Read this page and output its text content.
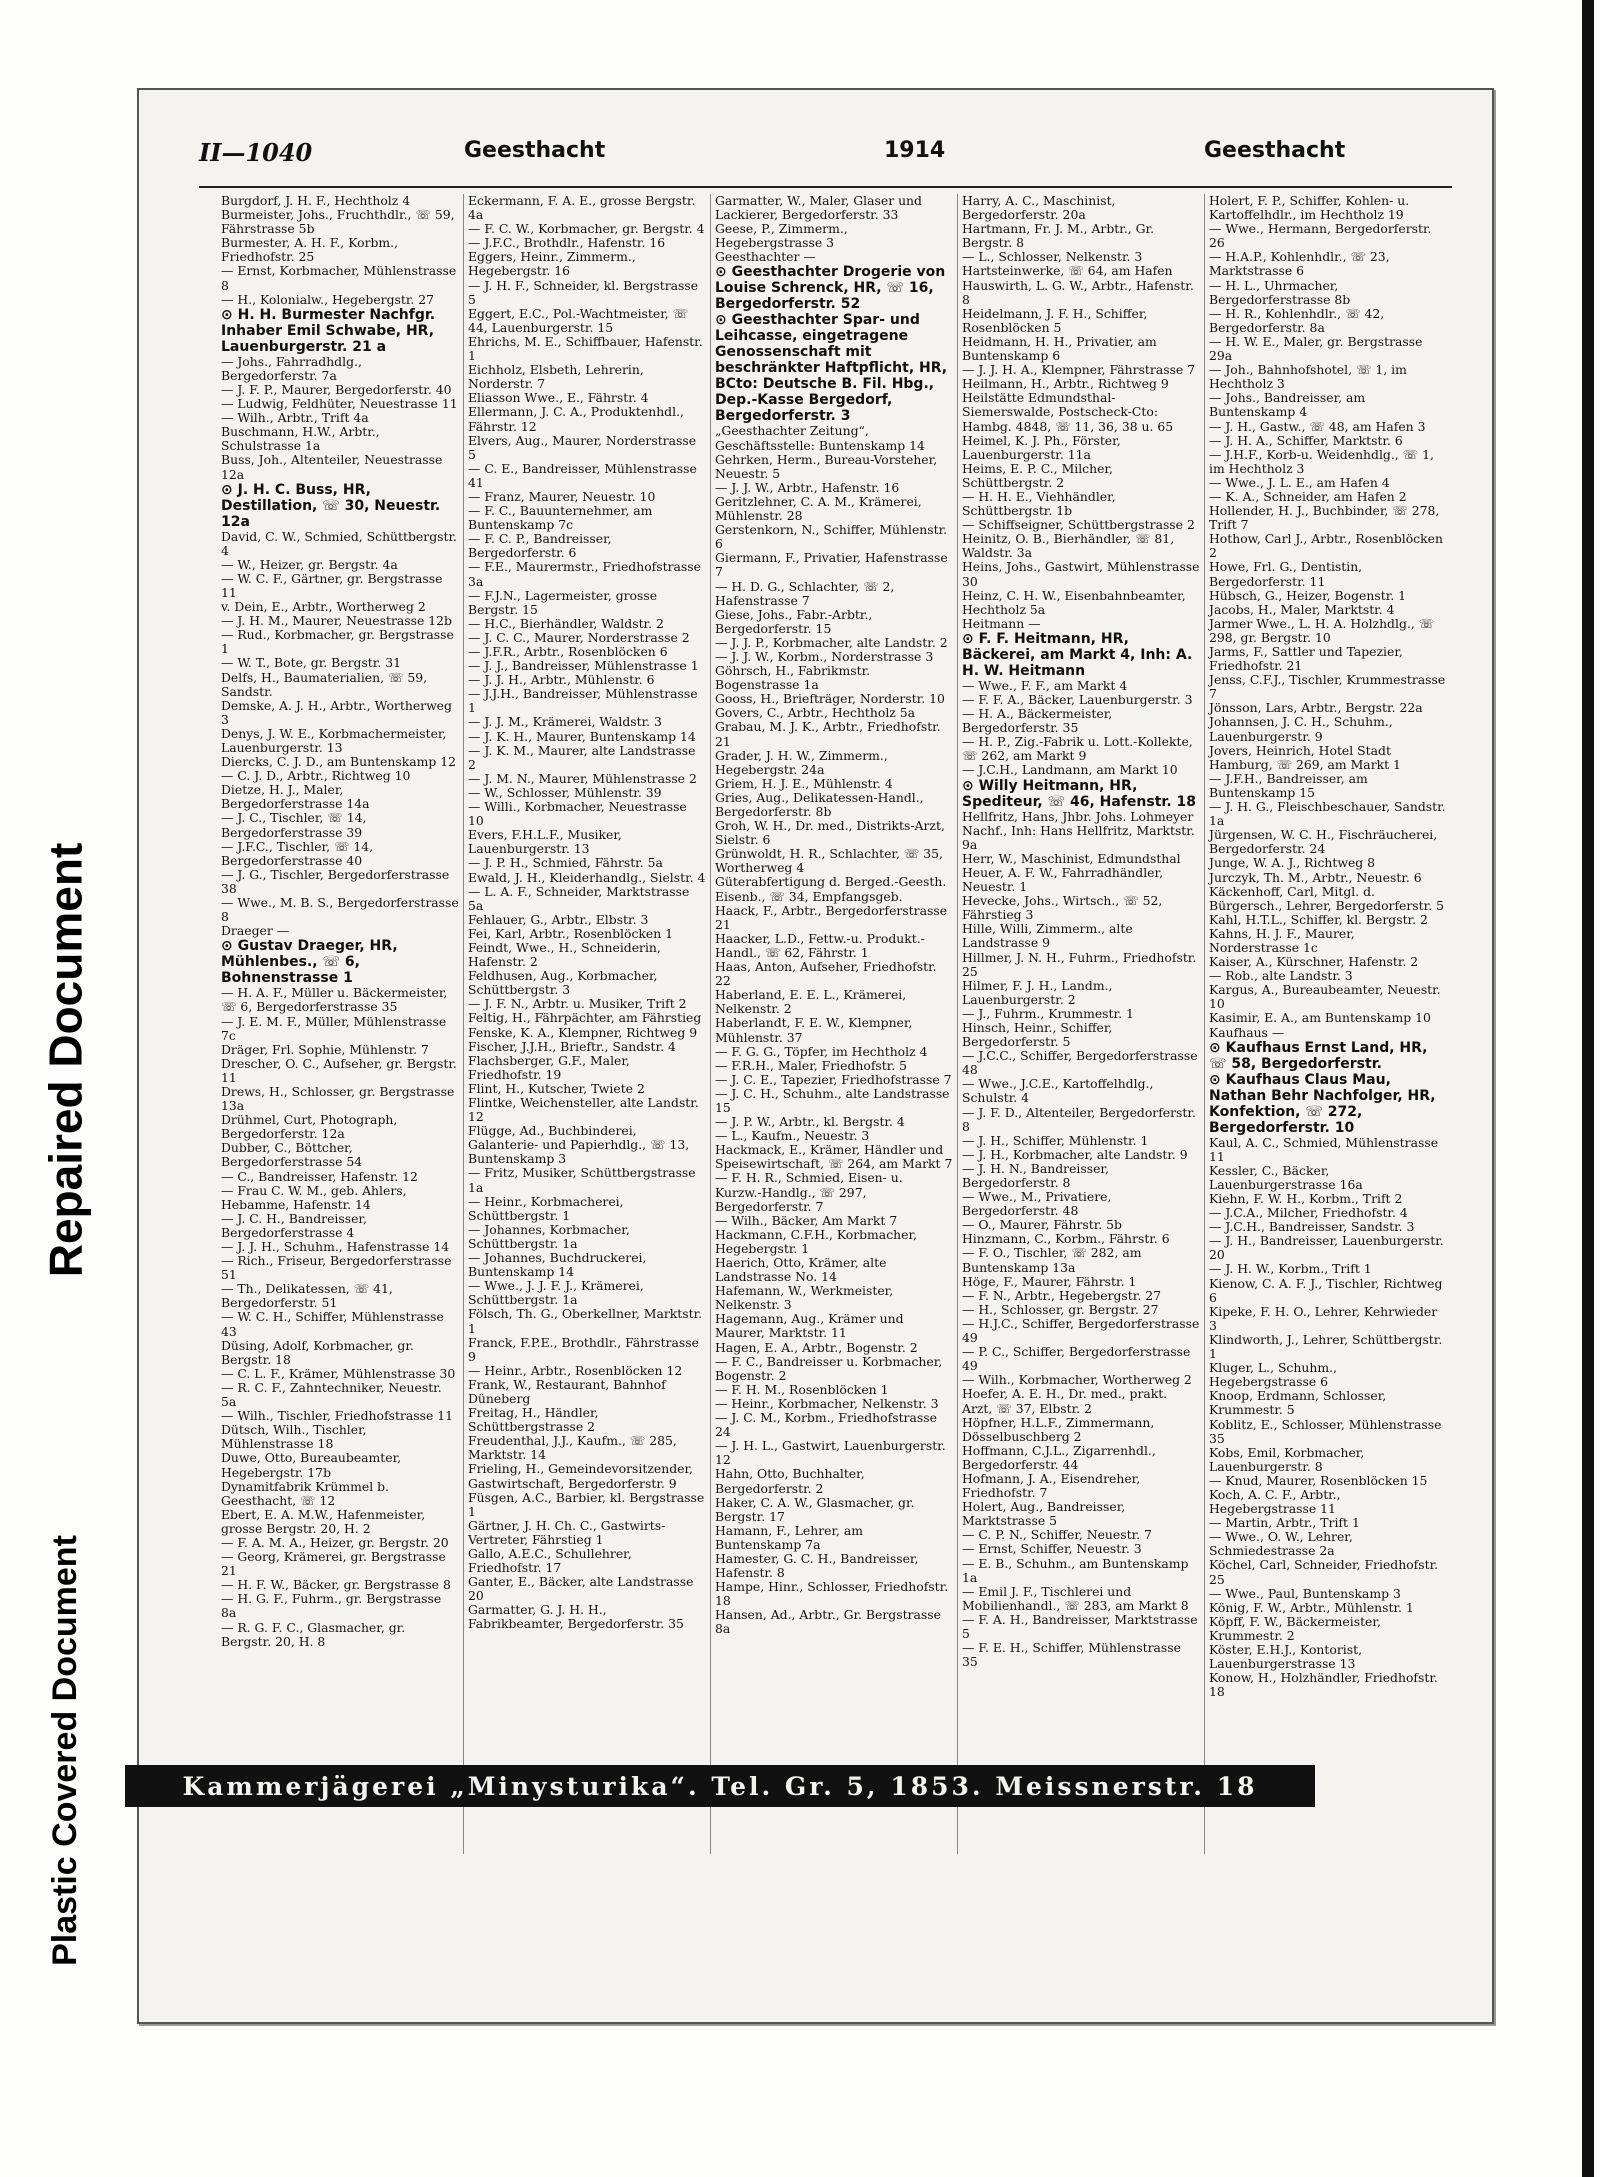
Repaired Document
Plastic Covered Document
II—1040	Geesthacht	1914	Geesthacht
Burgdorf, J. H. F., Hechtholz 4
Burmeister, Johs., Fruchthdlr., ☏ 59, Fährstrasse 5b
Burmester, A. H. F., Korbm., Friedhofstr. 25
— Ernst, Korbmacher, Mühlenstrasse 8
— H., Kolonialw., Hegebergstr. 27
⊙ H. H. Burmester Nachfgr. Inhaber Emil Schwabe, HR, Lauenburgerstr. 21 a
— Johs., Fahrradhdlg., Bergedorferstr. 7a
— J. F. P., Maurer, Bergedorferstr. 40
— Ludwig, Feldhüter, Neuestrasse 11
— Wilh., Arbtr., Trift 4a
Buschmann, H.W., Arbtr., Schulstrasse 1a
Buss, Joh., Altenteiler, Neuestrasse 12a
⊙ J. H. C. Buss, HR, Destillation, ☏ 30, Neuestr. 12a
David, C. W., Schmied, Schüttbergstr. 4
— W., Heizer, gr. Bergstr. 4a
— W. C. F., Gärtner, gr. Bergstrasse 11
v. Dein, E., Arbtr., Wortherweg 2
— J. H. M., Maurer, Neuestrasse 12b
— Rud., Korbmacher, gr. Bergstrasse 1
— W. T., Bote, gr. Bergstr. 31
Delfs, H., Baumaterialien, ☏ 59, Sandstr.
Demske, A. J. H., Arbtr., Wortherweg 3
Denys, J. W. E., Korbmachermeister, Lauenburgerstr. 13
Diercks, C. J. D., am Buntenskamp 12
— C. J. D., Arbtr., Richtweg 10
Dietze, H. J., Maler, Bergedorferstrasse 14a
— J. C., Tischler, ☏ 14, Bergedorferstrasse 39
— J.F.C., Tischler, ☏ 14, Bergedorferstrasse 40
— J. G., Tischler, Bergedorferstrasse 38
— Wwe., M. B. S., Bergedorferstrasse 8
Draeger —
⊙ Gustav Draeger, HR, Mühlenbes., ☏ 6, Bohnenstrasse 1
— H. A. F., Müller u. Bäckermeister, ☏ 6, Bergedorferstrasse 35
— J. E. M. F., Müller, Mühlenstrasse 7c
Dräger, Frl. Sophie, Mühlenstr. 7
Drescher, O. C., Aufseher, gr. Bergstr. 11
Drews, H., Schlosser, gr. Bergstrasse 13a
Drühmel, Curt, Photograph, Bergedorferstr. 12a
Dubber, C., Böttcher, Bergedorferstrasse 54
— C., Bandreisser, Hafenstr. 12
— Frau C. W. M., geb. Ahlers, Hebamme, Hafenstr. 14
— J. C. H., Bandreisser, Bergedorferstrasse 4
— J. J. H., Schuhm., Hafenstrasse 14
— Rich., Friseur, Bergedorferstrasse 51
— Th., Delikatessen, ☏ 41, Bergedorferstr. 51
— W. C. H., Schiffer, Mühlenstrasse 43
Düsing, Adolf, Korbmacher, gr. Bergstr. 18
— C. L. F., Krämer, Mühlenstrasse 30
— R. C. F., Zahntechniker, Neuestr. 5a
— Wilh., Tischler, Friedhofstrasse 11
Dütsch, Wilh., Tischler, Mühlenstrasse 18
Duwe, Otto, Bureaubeamter, Hegebergstr. 17b
Dynamitfabrik Krümmel b. Geesthacht, ☏ 12
Ebert, E. A. M.W., Hafenmeister, grosse Bergstr. 20, H. 2
— F. A. M. A., Heizer, gr. Bergstr. 20
— Georg, Krämerei, gr. Bergstrasse 21
— H. F. W., Bäcker, gr. Bergstrasse 8
— H. G. F., Fuhrm., gr. Bergstrasse 8a
— R. G. F. C., Glasmacher, gr. Bergstr. 20, H. 8
Eckermann, F. A. E., grosse Bergstr. 4a
— F. C. W., Korbmacher, gr. Bergstr. 4
— J.F.C., Brothdlr., Hafenstr. 16
Eggers, Heinr., Zimmerm., Hegebergstr. 16
— J. H. F., Schneider, kl. Bergstrasse 5
Eggert, E.C., Pol.-Wachtmeister, ☏ 44, Lauenburgerstr. 15
Ehrichs, M. E., Schiffbauer, Hafenstr. 1
Eichholz, Elsbeth, Lehrerin, Norderstr. 7
Eliasson Wwe., E., Fährstr. 4
Ellermann, J. C. A., Produktenhdl., Fährstr. 12
Elvers, Aug., Maurer, Norderstrasse 5
— C. E., Bandreisser, Mühlenstrasse 41
— Franz, Maurer, Neuestr. 10
— F. C., Bauunternehmer, am Buntenskamp 7c
— F. C. P., Bandreisser, Bergedorferstr. 6
— F.E., Maurermstr., Friedhofstrasse 3a
— F.J.N., Lagermeister, grosse Bergstr. 15
— H.C., Bierhändler, Waldstr. 2
— J. C. C., Maurer, Norderstrasse 2
— J.F.R., Arbtr., Rosenblöcken 6
— J. J., Bandreisser, Mühlenstrasse 1
— J. J. H., Arbtr., Mühlenstr. 6
— J.J.H., Bandreisser, Mühlenstrasse 1
— J. J. M., Krämerei, Waldstr. 3
— J. K. H., Maurer, Buntenskamp 14
— J. K. M., Maurer, alte Landstrasse 2
— J. M. N., Maurer, Mühlenstrasse 2
— W., Schlosser, Mühlenstr. 39
— Willi., Korbmacher, Neuestrasse 10
Evers, F.H.L.F., Musiker, Lauenburgerstr. 13
— J. P. H., Schmied, Fährstr. 5a
Ewald, J. H., Kleiderhandlg., Sielstr. 4
— L. A. F., Schneider, Marktstrasse 5a
Fehlauer, G., Arbtr., Elbstr. 3
Fei, Karl, Arbtr., Rosenblöcken 1
Feindt, Wwe., H., Schneiderin, Hafenstr. 2
Feldhusen, Aug., Korbmacher, Schüttbergstr. 3
— J. F. N., Arbtr. u. Musiker, Trift 2
Feltig, H., Fährpächter, am Fährstieg
Fenske, K. A., Klempner, Richtweg 9
Fischer, J.J.H., Brieftr., Sandstr. 4
Flachsberger, G.F., Maler, Friedhofstr. 19
Flint, H., Kutscher, Twiete 2
Flintke, Weichensteller, alte Landstr. 12
Flügge, Ad., Buchbinderei, Galanterie- und Papierhdlg., ☏ 13, Buntenskamp 3
— Fritz, Musiker, Schüttbergstrasse 1a
— Heinr., Korbmacherei, Schüttbergstr. 1
— Johannes, Korbmacher, Schüttbergstr. 1a
— Johannes, Buchdruckerei, Buntenskamp 14
— Wwe., J. J. F. J., Krämerei, Schüttbergstr. 1a
Fölsch, Th. G., Oberkellner, Marktstr. 1
Franck, F.P.E., Brothdlr., Fährstrasse 9
— Heinr., Arbtr., Rosenblöcken 12
Frank, W., Restaurant, Bahnhof Düneberg
Freitag, H., Händler, Schüttbergstrasse 2
Freudenthal, J.J., Kaufm., ☏ 285, Marktstr. 14
Frieling, H., Gemeindevorsitzender, Gastwirtschaft, Bergedorferstr. 9
Füsgen, A.C., Barbier, kl. Bergstrasse 1
Gärtner, J. H. Ch. C., Gastwirts-Vertreter, Fährstieg 1
Gallo, A.E.C., Schullehrer, Friedhofstr. 17
Ganter, E., Bäcker, alte Landstrasse 20
Garmatter, G. J. H. H., Fabrikbeamter, Bergedorferstr. 35
Garmatter, W., Maler, Glaser und Lackierer, Bergedorferstr. 33
Geese, P., Zimmerm., Hegebergstrasse 3
Geesthachter —
⊙ Geesthachter Drogerie von Louise Schrenck, HR, ☏ 16, Bergedorferstr. 52
⊙ Geesthachter Spar- und Leihcasse, eingetragene Genossenschaft mit beschränkter Haftpflicht, HR, BCto: Deutsche B. Fil. Hbg., Dep.-Kasse Bergedorf, Bergedorferstr. 3
„Geesthachter Zeitung“, Geschäftsstelle: Buntenskamp 14
Gehrken, Herm., Bureau-Vorsteher, Neuestr. 5
— J. J. W., Arbtr., Hafenstr. 16
Geritzlehner, C. A. M., Krämerei, Mühlenstr. 28
Gerstenkorn, N., Schiffer, Mühlenstr. 6
Giermann, F., Privatier, Hafenstrasse 7
— H. D. G., Schlachter, ☏ 2, Hafenstrasse 7
Giese, Johs., Fabr.-Arbtr., Bergedorferstr. 15
— J. J. P., Korbmacher, alte Landstr. 2
— J. J. W., Korbm., Norderstrasse 3
Göhrsch, H., Fabrikmstr. Bogenstrasse 1a
Gooss, H., Briefträger, Norderstr. 10
Govers, C., Arbtr., Hechtholz 5a
Grabau, M. J. K., Arbtr., Friedhofstr. 21
Grader, J. H. W., Zimmerm., Hegebergstr. 24a
Griem, H. J. E., Mühlenstr. 4
Gries, Aug., Delikatessen-Handl., Bergedorferstr. 8b
Groh, W. H., Dr. med., Distrikts-Arzt, Sielstr. 6
Grünwoldt, H. R., Schlachter, ☏ 35, Wortherweg 4
Güterabfertigung d. Berged.-Geesth. Eisenb., ☏ 34, Empfangsgeb.
Haack, F., Arbtr., Bergedorferstrasse 21
Haacker, L.D., Fettw.-u. Produkt.-Handl., ☏ 62, Fährstr. 1
Haas, Anton, Aufseher, Friedhofstr. 22
Haberland, E. E. L., Krämerei, Nelkenstr. 2
Haberlandt, F. E. W., Klempner, Mühlenstr. 37
— F. G. G., Töpfer, im Hechtholz 4
— F.R.H., Maler, Friedhofstr. 5
— J. C. E., Tapezier, Friedhofstrasse 7
— J. C. H., Schuhm., alte Landstrasse 15
— J. P. W., Arbtr., kl. Bergstr. 4
— L., Kaufm., Neuestr. 3
Hackmack, E., Krämer, Händler und Speisewirtschaft, ☏ 264, am Markt 7
— F. H. R., Schmied, Eisen- u. Kurzw.-Handlg., ☏ 297, Bergedorferstr. 7
— Wilh., Bäcker, Am Markt 7
Hackmann, C.F.H., Korbmacher, Hegebergstr. 1
Haerich, Otto, Krämer, alte Landstrasse No. 14
Hafemann, W., Werkmeister, Nelkenstr. 3
Hagemann, Aug., Krämer und Maurer, Marktstr. 11
Hagen, E. A., Arbtr., Bogenstr. 2
— F. C., Bandreisser u. Korbmacher, Bogenstr. 2
— F. H. M., Rosenblöcken 1
— Heinr., Korbmacher, Nelkenstr. 3
— J. C. M., Korbm., Friedhofstrasse 24
— J. H. L., Gastwirt, Lauenburgerstr. 12
Hahn, Otto, Buchhalter, Bergedorferstr. 2
Haker, C. A. W., Glasmacher, gr. Bergstr. 17
Hamann, F., Lehrer, am Buntenskamp 7a
Hamester, G. C. H., Bandreisser, Hafenstr. 8
Hampe, Hinr., Schlosser, Friedhofstr. 18
Hansen, Ad., Arbtr., Gr. Bergstrasse 8a
Harry, A. C., Maschinist, Bergedorferstr. 20a
Hartmann, Fr. J. M., Arbtr., Gr. Bergstr. 8
— L., Schlosser, Nelkenstr. 3
Hartsteinwerke, ☏ 64, am Hafen
Hauswirth, L. G. W., Arbtr., Hafenstr. 8
Heidelmann, J. F. H., Schiffer, Rosenblöcken 5
Heidmann, H. H., Privatier, am Buntenskamp 6
— J. J. H. A., Klempner, Fährstrasse 7
Heilmann, H., Arbtr., Richtweg 9
Heilstätte Edmundsthal-Siemerswalde, Postscheck-Cto: Hambg. 4848, ☏ 11, 36, 38 u. 65
Heimel, K. J. Ph., Förster, Lauenburgerstr. 11a
Heims, E. P. C., Milcher, Schüttbergstr. 2
— H. H. E., Viehhändler, Schüttbergstr. 1b
— Schiffseigner, Schüttbergstrasse 2
Heinitz, O. B., Bierhändler, ☏ 81, Waldstr. 3a
Heins, Johs., Gastwirt, Mühlenstrasse 30
Heinz, C. H. W., Eisenbahnbeamter, Hechtholz 5a
Heitmann —
⊙ F. F. Heitmann, HR, Bäckerei, am Markt 4, Inh: A. H. W. Heitmann
— Wwe., F. F., am Markt 4
— F. F. A., Bäcker, Lauenburgerstr. 3
— H. A., Bäckermeister, Bergedorferstr. 35
— H. P., Zig.-Fabrik u. Lott.-Kollekte, ☏ 262, am Markt 9
— J.C.H., Landmann, am Markt 10
⊙ Willy Heitmann, HR, Spediteur, ☏ 46, Hafenstr. 18
Hellfritz, Hans, Jhbr. Johs. Lohmeyer Nachf., Inh: Hans Hellfritz, Marktstr. 9a
Herr, W., Maschinist, Edmundsthal
Heuer, A. F. W., Fahrradhändler, Neuestr. 1
Hevecke, Johs., Wirtsch., ☏ 52, Fährstieg 3
Hille, Willi, Zimmerm., alte Landstrasse 9
Hillmer, J. N. H., Fuhrm., Friedhofstr. 25
Hilmer, F. J. H., Landm., Lauenburgerstr. 2
— J., Fuhrm., Krummestr. 1
Hinsch, Heinr., Schiffer, Bergedorferstr. 5
— J.C.C., Schiffer, Bergedorferstrasse 48
— Wwe., J.C.E., Kartoffelhdlg., Schulstr. 4
— J. F. D., Altenteiler, Bergedorferstr. 8
— J. H., Schiffer, Mühlenstr. 1
— J. H., Korbmacher, alte Landstr. 9
— J. H. N., Bandreisser, Bergedorferstr. 8
— Wwe., M., Privatiere, Bergedorferstr. 48
— O., Maurer, Fährstr. 5b
Hinzmann, C., Korbm., Fährstr. 6
— F. O., Tischler, ☏ 282, am Buntenskamp 13a
Höge, F., Maurer, Fährstr. 1
— F. N., Arbtr., Hegebergstr. 27
— H., Schlosser, gr. Bergstr. 27
— H.J.C., Schiffer, Bergedorferstrasse 49
— P. C., Schiffer, Bergedorferstrasse 49
— Wilh., Korbmacher, Wortherweg 2
Hoefer, A. E. H., Dr. med., prakt. Arzt, ☏ 37, Elbstr. 2
Höpfner, H.L.F., Zimmermann, Dösselbuschberg 2
Hoffmann, C.J.L., Zigarrenhdl., Bergedorferstr. 44
Hofmann, J. A., Eisendreher, Friedhofstr. 7
Holert, Aug., Bandreisser, Marktstrasse 5
— C. P. N., Schiffer, Neuestr. 7
— Ernst, Schiffer, Neuestr. 3
— E. B., Schuhm., am Buntenskamp 1a
— Emil J. F., Tischlerei und Mobilienhandl., ☏ 283, am Markt 8
— F. A. H., Bandreisser, Marktstrasse 5
— F. E. H., Schiffer, Mühlenstrasse 35
Holert, F. P., Schiffer, Kohlen- u. Kartoffelhdlr., im Hechtholz 19
— Wwe., Hermann, Bergedorferstr. 26
— H.A.P., Kohlenhdlr., ☏ 23, Marktstrasse 6
— H. L., Uhrmacher, Bergedorferstrasse 8b
— H. R., Kohlenhdlr., ☏ 42, Bergedorferstr. 8a
— H. W. E., Maler, gr. Bergstrasse 29a
— Joh., Bahnhofshotel, ☏ 1, im Hechtholz 3
— Johs., Bandreisser, am Buntenskamp 4
— J. H., Gastw., ☏ 48, am Hafen 3
— J. H. A., Schiffer, Marktstr. 6
— J.H.F., Korb-u. Weidenhdlg., ☏ 1, im Hechtholz 3
— Wwe., J. L. E., am Hafen 4
— K. A., Schneider, am Hafen 2
Hollender, H. J., Buchbinder, ☏ 278, Trift 7
Hothow, Carl J., Arbtr., Rosenblöcken 2
Howe, Frl. G., Dentistin, Bergedorferstr. 11
Hübsch, G., Heizer, Bogenstr. 1
Jacobs, H., Maler, Marktstr. 4
Jarmer Wwe., L. H. A. Holzhdlg., ☏ 298, gr. Bergstr. 10
Jarms, F., Sattler und Tapezier, Friedhofstr. 21
Jenss, C.F.J., Tischler, Krummestrasse 7
Jönsson, Lars, Arbtr., Bergstr. 22a
Johannsen, J. C. H., Schuhm., Lauenburgerstr. 9
Jovers, Heinrich, Hotel Stadt Hamburg, ☏ 269, am Markt 1
— J.F.H., Bandreisser, am Buntenskamp 15
— J. H. G., Fleischbeschauer, Sandstr. 1a
Jürgensen, W. C. H., Fischräucherei, Bergedorferstr. 24
Junge, W. A. J., Richtweg 8
Jurczyk, Th. M., Arbtr., Neuestr. 6
Käckenhoff, Carl, Mitgl. d. Bürgersch., Lehrer, Bergedorferstr. 5
Kahl, H.T.L., Schiffer, kl. Bergstr. 2
Kahns, H. J. F., Maurer, Norderstrasse 1c
Kaiser, A., Kürschner, Hafenstr. 2
— Rob., alte Landstr. 3
Kargus, A., Bureaubeamter, Neuestr. 10
Kasimir, E. A., am Buntenskamp 10
Kaufhaus —
⊙ Kaufhaus Ernst Land, HR, ☏ 58, Bergedorferstr.
⊙ Kaufhaus Claus Mau, Nathan Behr Nachfolger, HR, Konfektion, ☏ 272, Bergedorferstr. 10
Kaul, A. C., Schmied, Mühlenstrasse 11
Kessler, C., Bäcker, Lauenburgerstrasse 16a
Kiehn, F. W. H., Korbm., Trift 2
— J.C.A., Milcher, Friedhofstr. 4
— J.C.H., Bandreisser, Sandstr. 3
— J. H., Bandreisser, Lauenburgerstr. 20
— J. H. W., Korbm., Trift 1
Kienow, C. A. F. J., Tischler, Richtweg 6
Kipeke, F. H. O., Lehrer, Kehrwieder 3
Klindworth, J., Lehrer, Schüttbergstr. 1
Kluger, L., Schuhm., Hegebergstrasse 6
Knoop, Erdmann, Schlosser, Krummestr. 5
Koblitz, E., Schlosser, Mühlenstrasse 35
Kobs, Emil, Korbmacher, Lauenburgerstr. 8
— Knud, Maurer, Rosenblöcken 15
Koch, A. C. F., Arbtr., Hegebergstrasse 11
— Martin, Arbtr., Trift 1
— Wwe., O. W., Lehrer, Schmiedestrasse 2a
Köchel, Carl, Schneider, Friedhofstr. 25
— Wwe., Paul, Buntenskamp 3
König, F. W., Arbtr., Mühlenstr. 1
Köpff, F. W., Bäckermeister, Krummestr. 2
Köster, E.H.J., Kontorist, Lauenburgerstrasse 13
Konow, H., Holzhändler, Friedhofstr. 18
Kammerjägerei „Minysturika“. Tel. Gr. 5, 1853. Meissnerstr. 18
